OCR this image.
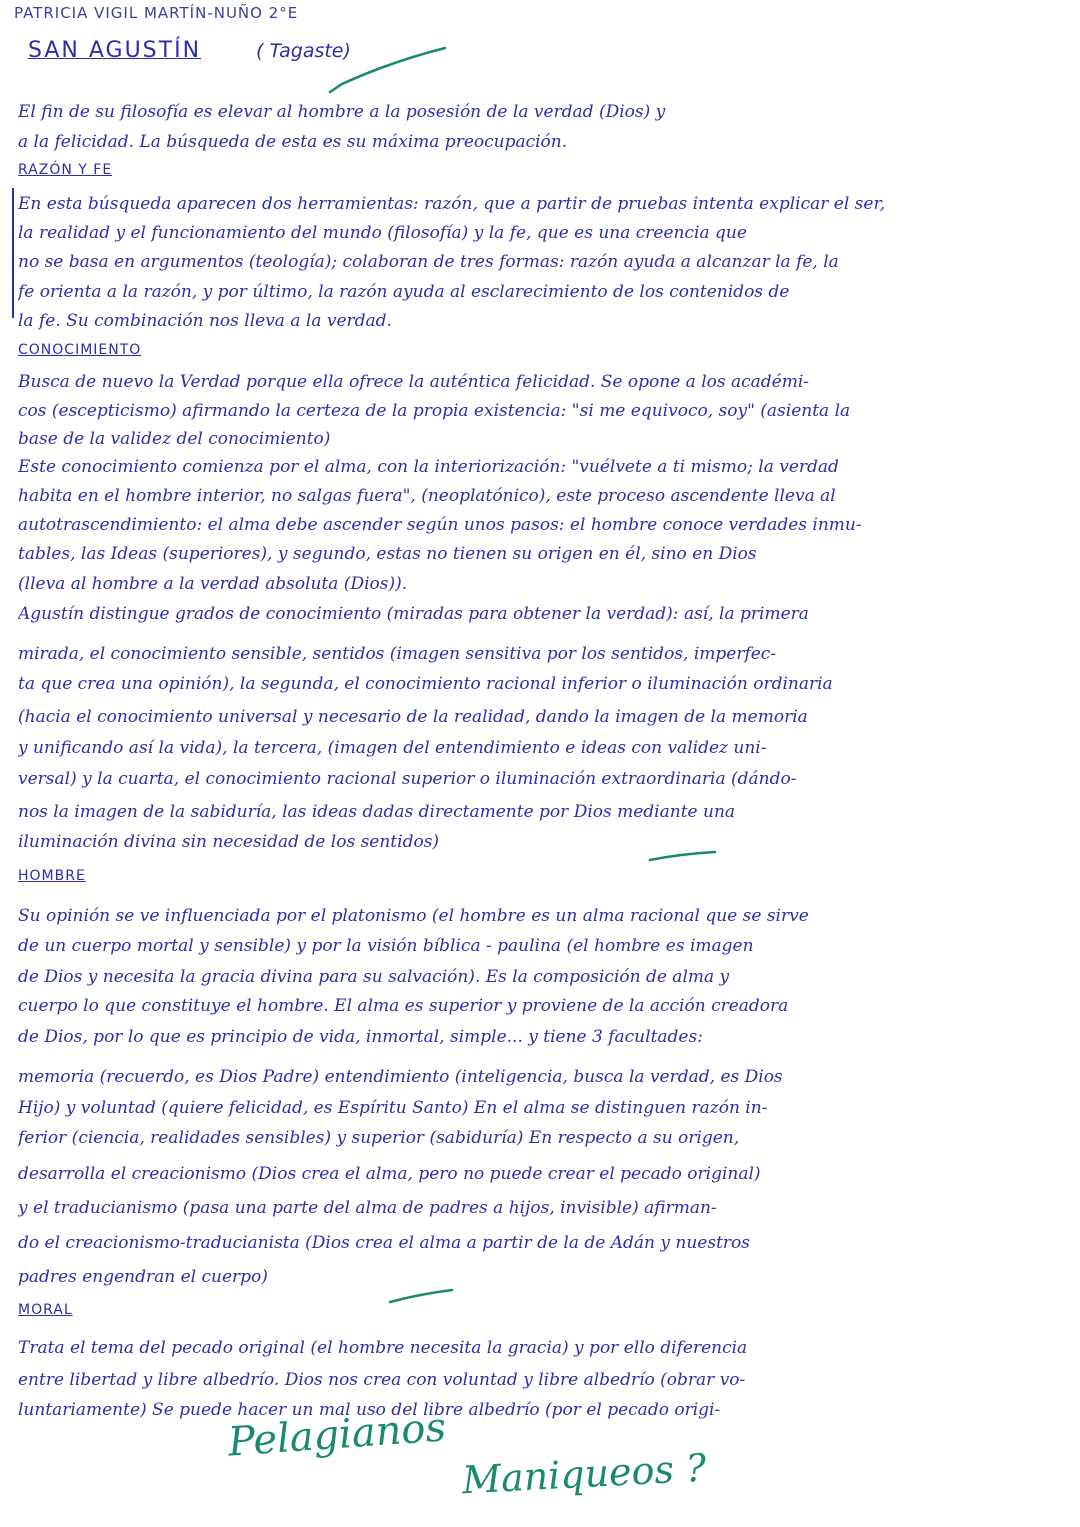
PATRICIA VIGIL MARTÍN-NUÑO 2°E
SAN AGUSTÍN	( Tagaste)
El fin de su filosofía es elevar al hombre a la posesión de la verdad (Dios) y
a la felicidad. La búsqueda de esta es su máxima preocupación.
RAZÓN Y FE
En esta búsqueda aparecen dos herramientas: razón, que a partir de pruebas intenta explicar el ser,
la realidad y el funcionamiento del mundo (filosofía) y la fe, que es una creencia que
no se basa en argumentos (teología); colaboran de tres formas: razón ayuda a alcanzar la fe, la
fe orienta a la razón, y por último, la razón ayuda al esclarecimiento de los contenidos de
la fe. Su combinación nos lleva a la verdad.
CONOCIMIENTO
Busca de nuevo la Verdad porque ella ofrece la auténtica felicidad. Se opone a los académi-
cos (escepticismo) afirmando la certeza de la propia existencia: "si me equivoco, soy" (asienta la
base de la validez del conocimiento)
Este conocimiento comienza por el alma, con la interiorización: "vuélvete a ti mismo; la verdad
habita en el hombre interior, no salgas fuera", (neoplatónico), este proceso ascendente lleva al
autotrascendimiento: el alma debe ascender según unos pasos: el hombre conoce verdades inmu-
tables, las Ideas (superiores), y segundo, estas no tienen su origen en él, sino en Dios
(lleva al hombre a la verdad absoluta (Dios)).
Agustín distingue grados de conocimiento (miradas para obtener la verdad): así, la primera
mirada, el conocimiento sensible, sentidos (imagen sensitiva por los sentidos, imperfec-
ta que crea una opinión), la segunda, el conocimiento racional inferior o iluminación ordinaria
(hacia el conocimiento universal y necesario de la realidad, dando la imagen de la memoria
y unificando así la vida), la tercera, (imagen del entendimiento e ideas con validez uni-
versal) y la cuarta, el conocimiento racional superior o iluminación extraordinaria (dándo-
nos la imagen de la sabiduría, las ideas dadas directamente por Dios mediante una
iluminación divina sin necesidad de los sentidos)
HOMBRE
Su opinión se ve influenciada por el platonismo (el hombre es un alma racional que se sirve
de un cuerpo mortal y sensible) y por la visión bíblica - paulina (el hombre es imagen
de Dios y necesita la gracia divina para su salvación). Es la composición de alma y
cuerpo lo que constituye el hombre. El alma es superior y proviene de la acción creadora
de Dios, por lo que es principio de vida, inmortal, simple... y tiene 3 facultades:
memoria (recuerdo, es Dios Padre) entendimiento (inteligencia, busca la verdad, es Dios
Hijo) y voluntad (quiere felicidad, es Espíritu Santo) En el alma se distinguen razón in-
ferior (ciencia, realidades sensibles) y superior (sabiduría) En respecto a su origen,
desarrolla el creacionismo (Dios crea el alma, pero no puede crear el pecado original)
y el traducianismo (pasa una parte del alma de padres a hijos, invisible) afirman-
do el creacionismo-traducianista (Dios crea el alma a partir de la de Adán y nuestros
padres engendran el cuerpo)
MORAL
Trata el tema del pecado original (el hombre necesita la gracia) y por ello diferencia
entre libertad y libre albedrío. Dios nos crea con voluntad y libre albedrío (obrar vo-
luntariamente) Se puede hacer un mal uso del libre albedrío (por el pecado origi-
Pelagianos
Maniqueos ?
